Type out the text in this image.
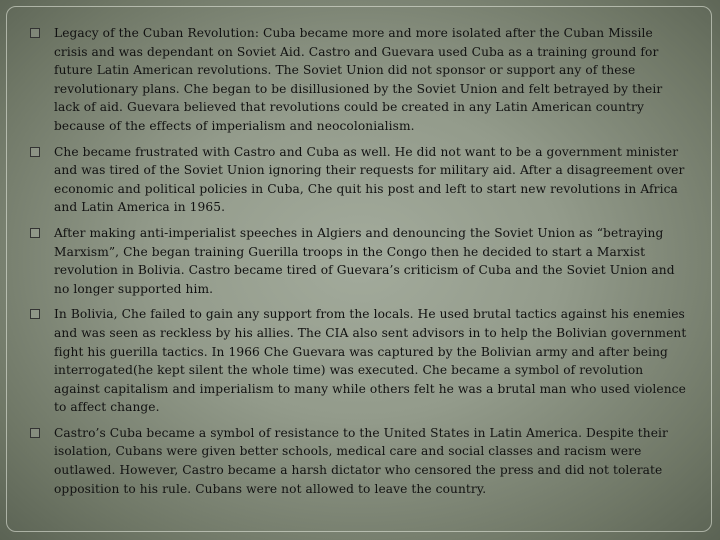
Legacy of the Cuban Revolution: Cuba became more and more isolated after the Cuban Missile crisis and was dependant on Soviet Aid. Castro and Guevara used Cuba as a training ground for future Latin American revolutions. The Soviet Union did not sponsor or support any of these revolutionary plans. Che began to be disillusioned by the Soviet Union and felt betrayed by their lack of aid. Guevara believed that revolutions could be created in any Latin American country because of the effects of imperialism and neocolonialism.
Che became frustrated with Castro and Cuba as well. He did not want to be a government minister and was tired of the Soviet Union ignoring their requests for military aid. After a disagreement over economic and political policies in Cuba, Che quit his post and left to start new revolutions in Africa and Latin America in 1965.
After making anti-imperialist speeches in Algiers and denouncing the Soviet Union as “betraying Marxism”, Che began training Guerilla troops in the Congo then he decided to start a Marxist revolution in Bolivia. Castro became tired of Guevara’s criticism of Cuba and the Soviet Union and no longer supported him.
In Bolivia, Che failed to gain any support from the locals. He used brutal tactics against his enemies and was seen as reckless by his allies. The CIA also sent advisors in to help the Bolivian government fight his guerilla tactics. In 1966 Che Guevara was captured by the Bolivian army and after being interrogated(he kept silent the whole time) was executed. Che became a symbol of revolution against capitalism and imperialism to many while others felt he was a brutal man who used violence to affect change.
Castro’s Cuba became a symbol of resistance to the United States in Latin America. Despite their isolation, Cubans were given better schools, medical care and social classes and racism were outlawed. However, Castro became a harsh dictator who censored the press and did not tolerate opposition to his rule. Cubans were not allowed to leave the country.
